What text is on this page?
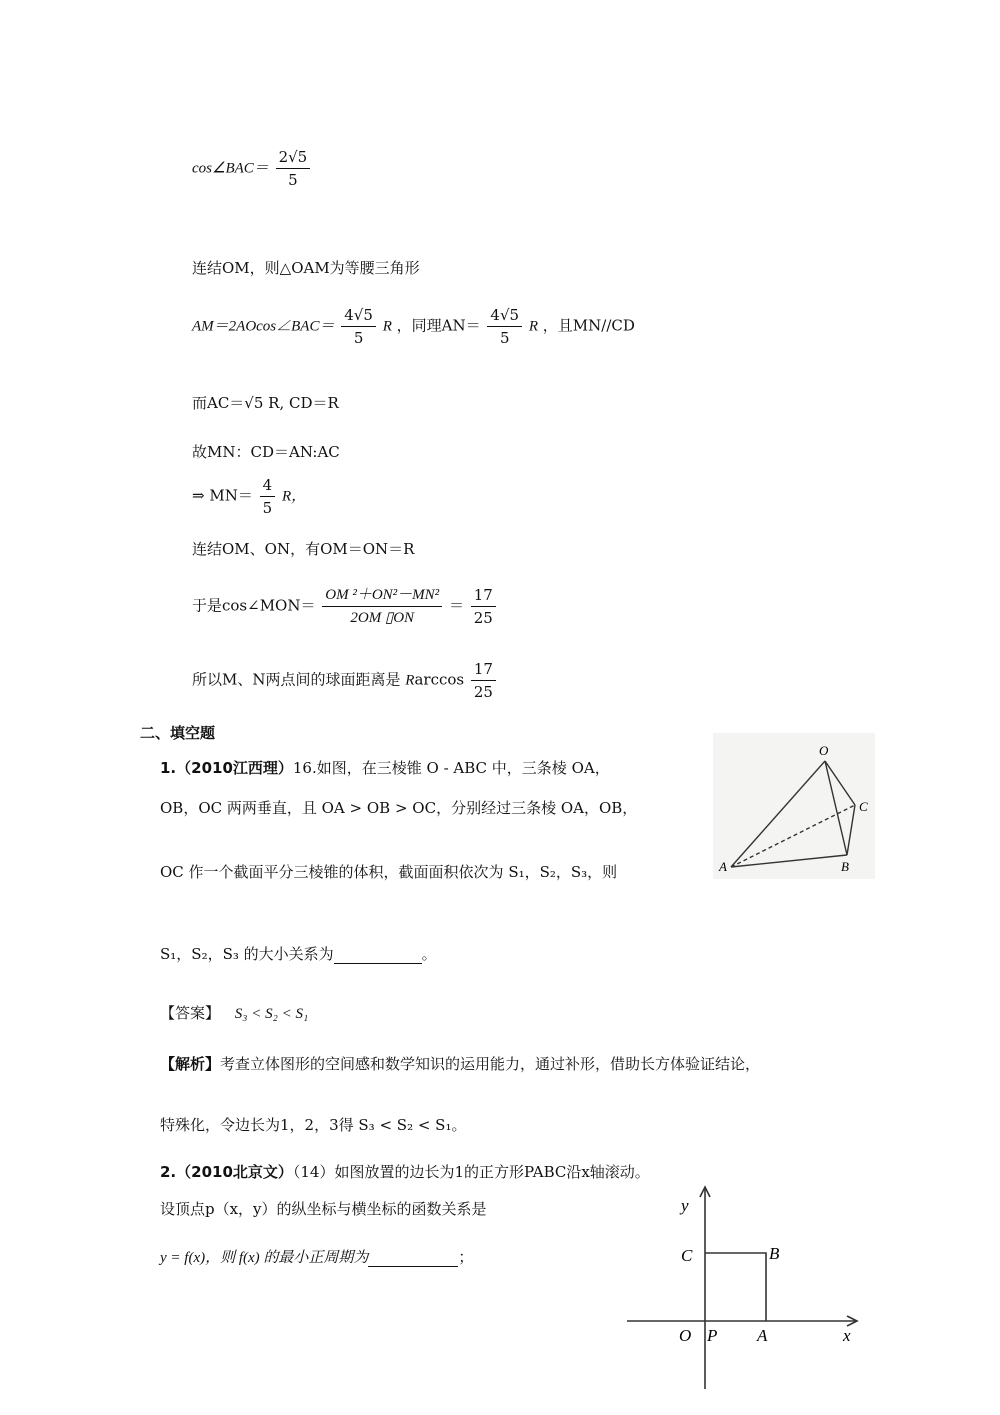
cos∠BAC＝ $\frac{2√5}{5}$
连结OM，则△OAM为等腰三角形
AM＝2AOcos∠BAC＝ $\frac{4√5}{5}$ R ，同理$AN= \frac{4√5}{5}$ R ，且MN//CD
而AC＝√5 R, CD＝R
故MN：CD＝AN:AC
⇒ $MN= \frac{4}{5}$ R，
连结OM、ON，有OM＝ON＝R
于是cos∠MON＝ $\frac{\text{OM ²＋ON²－MN²}}{2OM ▯ON} = \frac{17}{25}$
所以M、N两点间的球面距离是 Rarccos $\frac{17}{25}$
二、填空题
1.（2010江西理）16.如图，在三棱锥 O - ABC 中，三条棱 OA，
OB，OC 两两垂直，且 OA > OB > OC，分别经过三条棱 OA，OB，
OC 作一个截面平分三棱锥的体积，截面面积依次为 S₁，S₂，S₃，则
S₁，S₂，S₃ 的大小关系为	。
【答案】 S₃ < S₂ < S₁
【解析】考查立体图形的空间感和数学知识的运用能力，通过补形，借助长方体验证结论，
特殊化，令边长为1，2，3得 S₃ < S₂ < S₁。
O
C
B
A
2.（2010北京文）（14）如图放置的边长为1的正方形PABC沿x轴滚动。
设顶点p（x，y）的纵坐标与横坐标的函数关系是
y = f(x)，则 f(x) 的最小正周期为	；
y
C	B
O P A	x
